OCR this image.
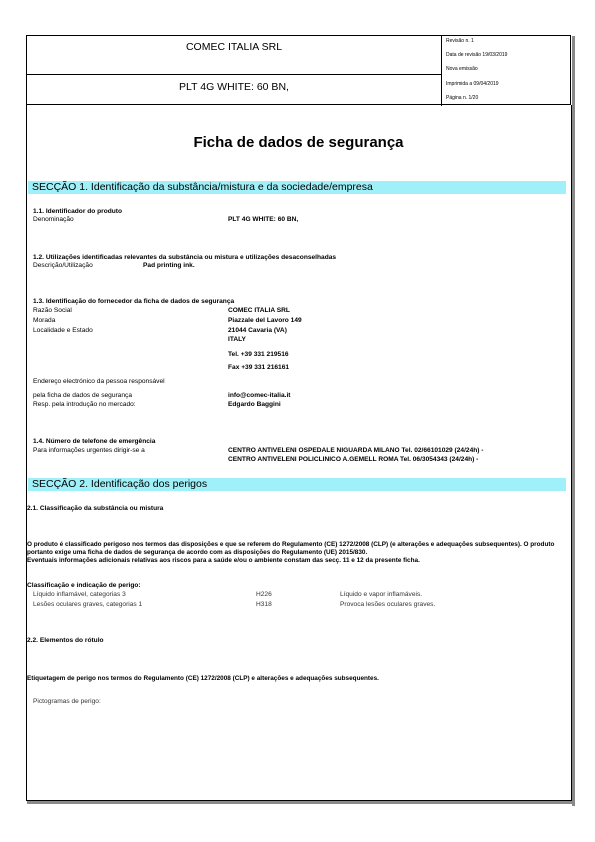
COMEC ITALIA SRL
PLT 4G WHITE: 60 BN,
Revisão n. 1
Data de revisão 19/03/2019
Nova emissão
Imprimida a 09/04/2019
Página n. 1/20
Ficha de dados de segurança
SECÇÃO 1. Identificação da substância/mistura e da sociedade/empresa
1.1. Identificador do produto
Denominação	PLT 4G WHITE: 60 BN,
1.2. Utilizações identificadas relevantes da substância ou mistura e utilizações desaconselhadas
Descrição/Utilização	Pad printing ink.
1.3. Identificação do fornecedor da ficha de dados de segurança
Razão Social	COMEC ITALIA SRL
Morada	Piazzale del Lavoro 149
Localidade e Estado	21044 Cavaria (VA)
ITALY
Tel. +39 331 219516
Fax +39 331 216161
Endereço electrónico da pessoa responsável
pela ficha de dados de segurança	info@comec-italia.it
Resp. pela introdução no mercado:	Edgardo Baggini
1.4. Número de telefone de emergência
Para informações urgentes dirigir-se a	CENTRO ANTIVELENI OSPEDALE NIGUARDA MILANO Tel. 02/66101029 (24/24h) -
CENTRO ANTIVELENI POLICLINICO A.GEMELL ROMA Tel. 06/3054343 (24/24h) -
SECÇÃO 2. Identificação dos perigos
2.1. Classificação da substância ou mistura
O produto é classificado perigoso nos termos das disposições e que se referem do Regulamento (CE) 1272/2008 (CLP) (e alterações e adequações subsequentes). O produto portanto exige uma ficha de dados de segurança de acordo com as disposições do Regulamento (UE) 2015/830.
Eventuais informações adicionais relativas aos riscos para a saúde e/ou o ambiente constam das secç. 11 e 12 da presente ficha.
Classificação e indicação de perigo:
Líquido inflamável, categorias 3	H226	Líquido e vapor inflamáveis.
Lesões oculares graves, categorias 1	H318	Provoca lesões oculares graves.
2.2. Elementos do rótulo
Etiquetagem de perigo nos termos do Regulamento (CE) 1272/2008 (CLP) e alterações e adequações subsequentes.
Pictogramas de perigo:
